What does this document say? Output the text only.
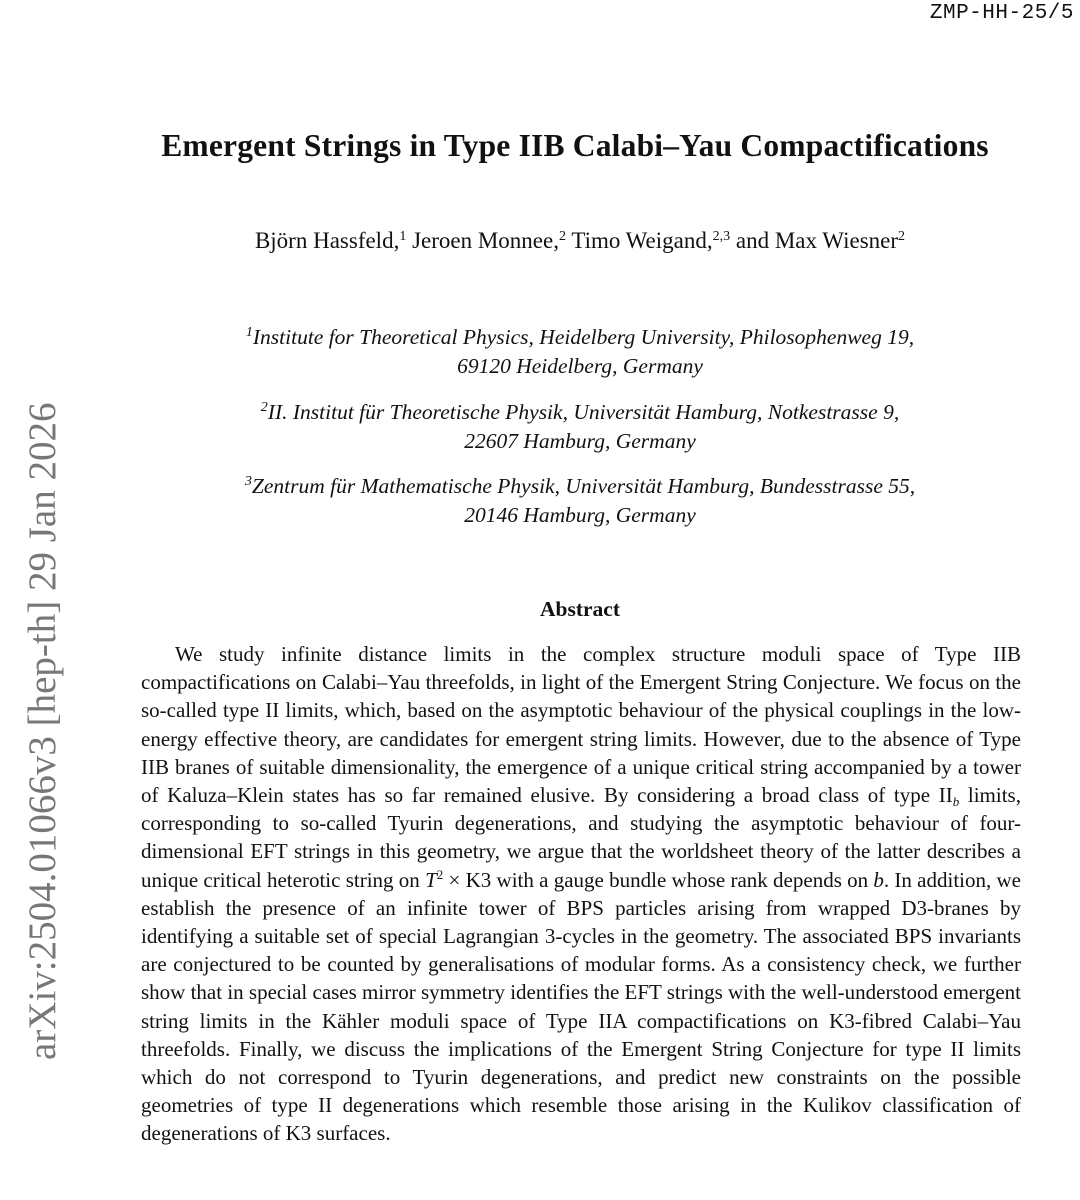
ZMP-HH-25/5
arXiv:2504.01066v3 [hep-th] 29 Jan 2026
Emergent Strings in Type IIB Calabi–Yau Compactifications
Björn Hassfeld,$^1$ Jeroen Monnee,$^2$ Timo Weigand,$^{2,3}$ and Max Wiesner$^2$
$^1$Institute for Theoretical Physics, Heidelberg University, Philosophenweg 19,
69120 Heidelberg, Germany
$^2$II. Institut für Theoretische Physik, Universität Hamburg, Notkestrasse 9,
22607 Hamburg, Germany
$^3$Zentrum für Mathematische Physik, Universität Hamburg, Bundesstrasse 55,
20146 Hamburg, Germany
Abstract
We study infinite distance limits in the complex structure moduli space of Type IIB compactifications on Calabi–Yau threefolds, in light of the Emergent String Conjecture. We focus on the so-called type II limits, which, based on the asymptotic behaviour of the physical couplings in the low-energy effective theory, are candidates for emergent string limits. However, due to the absence of Type IIB branes of suitable dimensionality, the emergence of a unique critical string accompanied by a tower of Kaluza–Klein states has so far remained elusive. By considering a broad class of type $II_b$ limits, corresponding to so-called Tyurin degenerations, and studying the asymptotic behaviour of four-dimensional EFT strings in this geometry, we argue that the worldsheet theory of the latter describes a unique critical heterotic string on $T^2 \times K3$ with a gauge bundle whose rank depends on b. In addition, we establish the presence of an infinite tower of BPS particles arising from wrapped D3-branes by identifying a suitable set of special Lagrangian 3-cycles in the geometry. The associated BPS invariants are conjectured to be counted by generalisations of modular forms. As a consistency check, we further show that in special cases mirror symmetry identifies the EFT strings with the well-understood emergent string limits in the Kähler moduli space of Type IIA compactifications on K3-fibred Calabi–Yau threefolds. Finally, we discuss the implications of the Emergent String Conjecture for type II limits which do not correspond to Tyurin degenerations, and predict new constraints on the possible geometries of type II degenerations which resemble those arising in the Kulikov classification of degenerations of K3 surfaces.
